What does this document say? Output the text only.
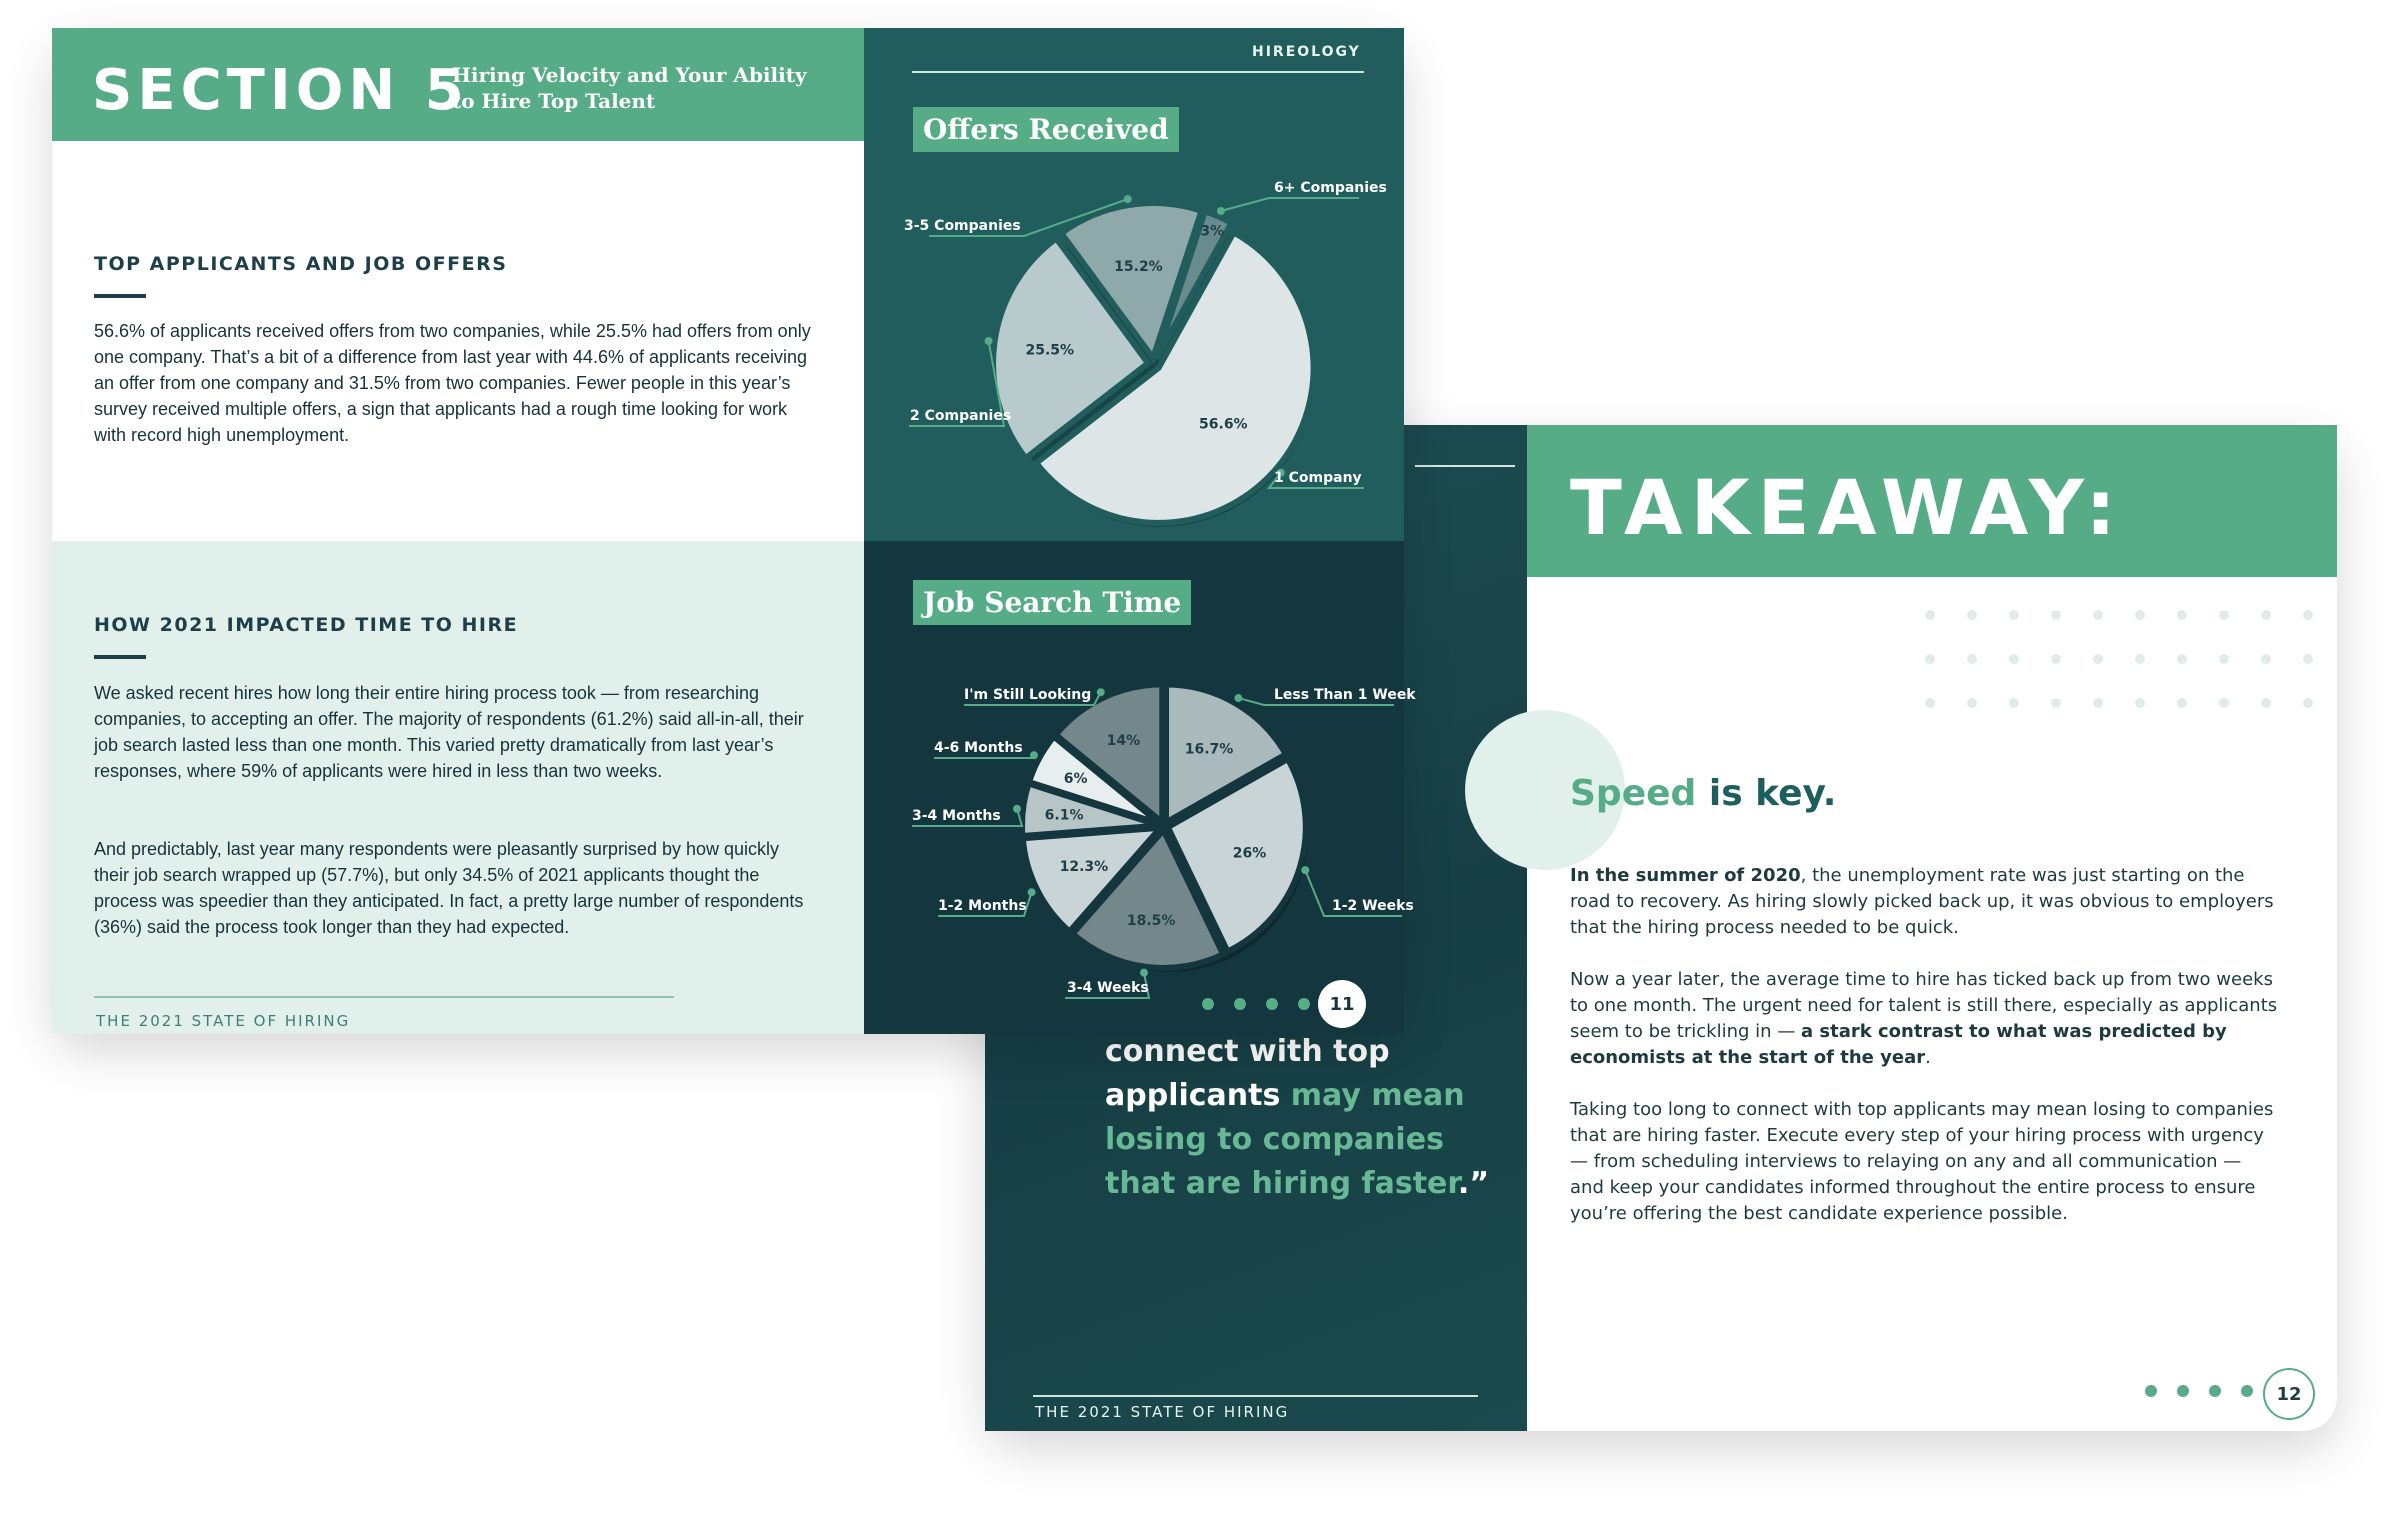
connect with top applicants may mean losing to companies that are hiring faster.”
THE 2021 STATE OF HIRING
TAKEAWAY:
Speed is key.
In the summer of 2020, the unemployment rate was just starting on the road to recovery. As hiring slowly picked back up, it was obvious to employers that the hiring process needed to be quick.
Now a year later, the average time to hire has ticked back up from two weeks to one month. The urgent need for talent is still there, especially as applicants seem to be trickling in — a stark contrast to what was predicted by economists at the start of the year.
Taking too long to connect with top applicants may mean losing to companies that are hiring faster. Execute every step of your hiring process with urgency — from scheduling interviews to relaying on any and all communication — and keep your candidates informed throughout the entire process to ensure you’re offering the best candidate experience possible.
12
SECTION 5
Hiring Velocity and Your Ability to Hire Top Talent
TOP APPLICANTS AND JOB OFFERS
56.6% of applicants received offers from two companies, while 25.5% had offers from only one company. That’s a bit of a difference from last year with 44.6% of applicants receiving an offer from one company and 31.5% from two companies. Fewer people in this year’s survey received multiple offers, a sign that applicants had a rough time looking for work with record high unemployment.
HOW 2021 IMPACTED TIME TO HIRE
We asked recent hires how long their entire hiring process took — from researching companies, to accepting an offer. The majority of respondents (61.2%) said all-in-all, their job search lasted less than one month. This varied pretty dramatically from last year’s responses, where 59% of applicants were hired in less than two weeks.
And predictably, last year many respondents were pleasantly surprised by how quickly their job search wrapped up (57.7%), but only 34.5% of 2021 applicants thought the process was speedier than they anticipated. In fact, a pretty large number of respondents (36%) said the process took longer than they had expected.
THE 2021 STATE OF HIRING
HIREOLOGY
Offers Received
Job Search Time
56.6%
1 Company
25.5%
2 Companies
15.2%
3-5 Companies	3%
6+ Companies
16.7%
Less Than 1 Week
26%
1-2 Weeks
18.5%
3-4 Weeks
12.3%
1-2 Months
6.1%
3-4 Months
6%
4-6 Months	14%
I'm Still Looking
11
